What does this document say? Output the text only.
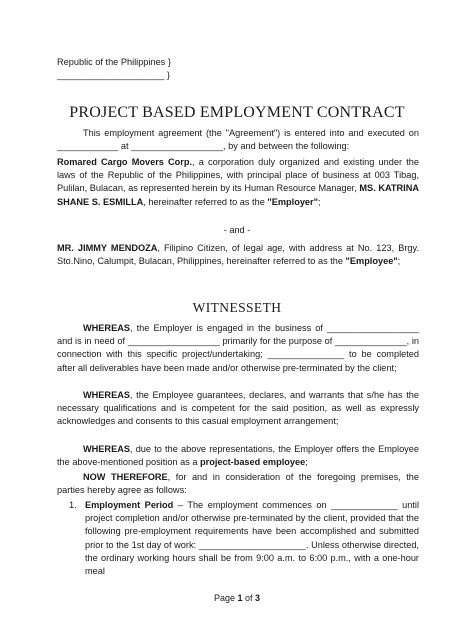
Republic of the Philippines }
_____________________ }
PROJECT BASED EMPLOYMENT CONTRACT

This employment agreement (the "Agreement") is entered into and executed on ____________ at __________________, by and between the following:

Romared Cargo Movers Corp., a corporation duly organized and existing under the laws of the Republic of the Philippines, with principal place of business at 003 Tibag, Pulilan, Bulacan, as represented herein by its Human Resource Manager, MS. KATRINA SHANE S. ESMILLA, hereinafter referred to as the "Employer";

- and -

MR. JIMMY MENDOZA, Filipino Citizen, of legal age, with address at No. 123, Brgy. Sto.Nino, Calumpit, Bulacan, Philippines, hereinafter referred to as the "Employee";

WITNESSETH

WHEREAS, the Employer is engaged in the business of __________________ and is in need of __________________ primarily for the purpose of ______________, in connection with this specific project/undertaking; _______________ to be completed after all deliverables have been made and/or otherwise pre-terminated by the client;

WHEREAS, the Employee guarantees, declares, and warrants that s/he has the necessary qualifications and is competent for the said position, as well as expressly acknowledges and consents to this casual employment arrangement;

WHEREAS, due to the above representations, the Employer offers the Employee the above-mentioned position as a project-based employee;

NOW THEREFORE, for and in consideration of the foregoing premises, the parties hereby agree as follows:

1. Employment Period – The employment commences on _____________ until project completion and/or otherwise pre-terminated by the client, provided that the following pre-employment requirements have been accomplished and submitted prior to the 1st day of work: _____________________. Unless otherwise directed, the ordinary working hours shall be from 9:00 a.m. to 6:00 p.m., with a one-hour meal
Page 1 of 3
